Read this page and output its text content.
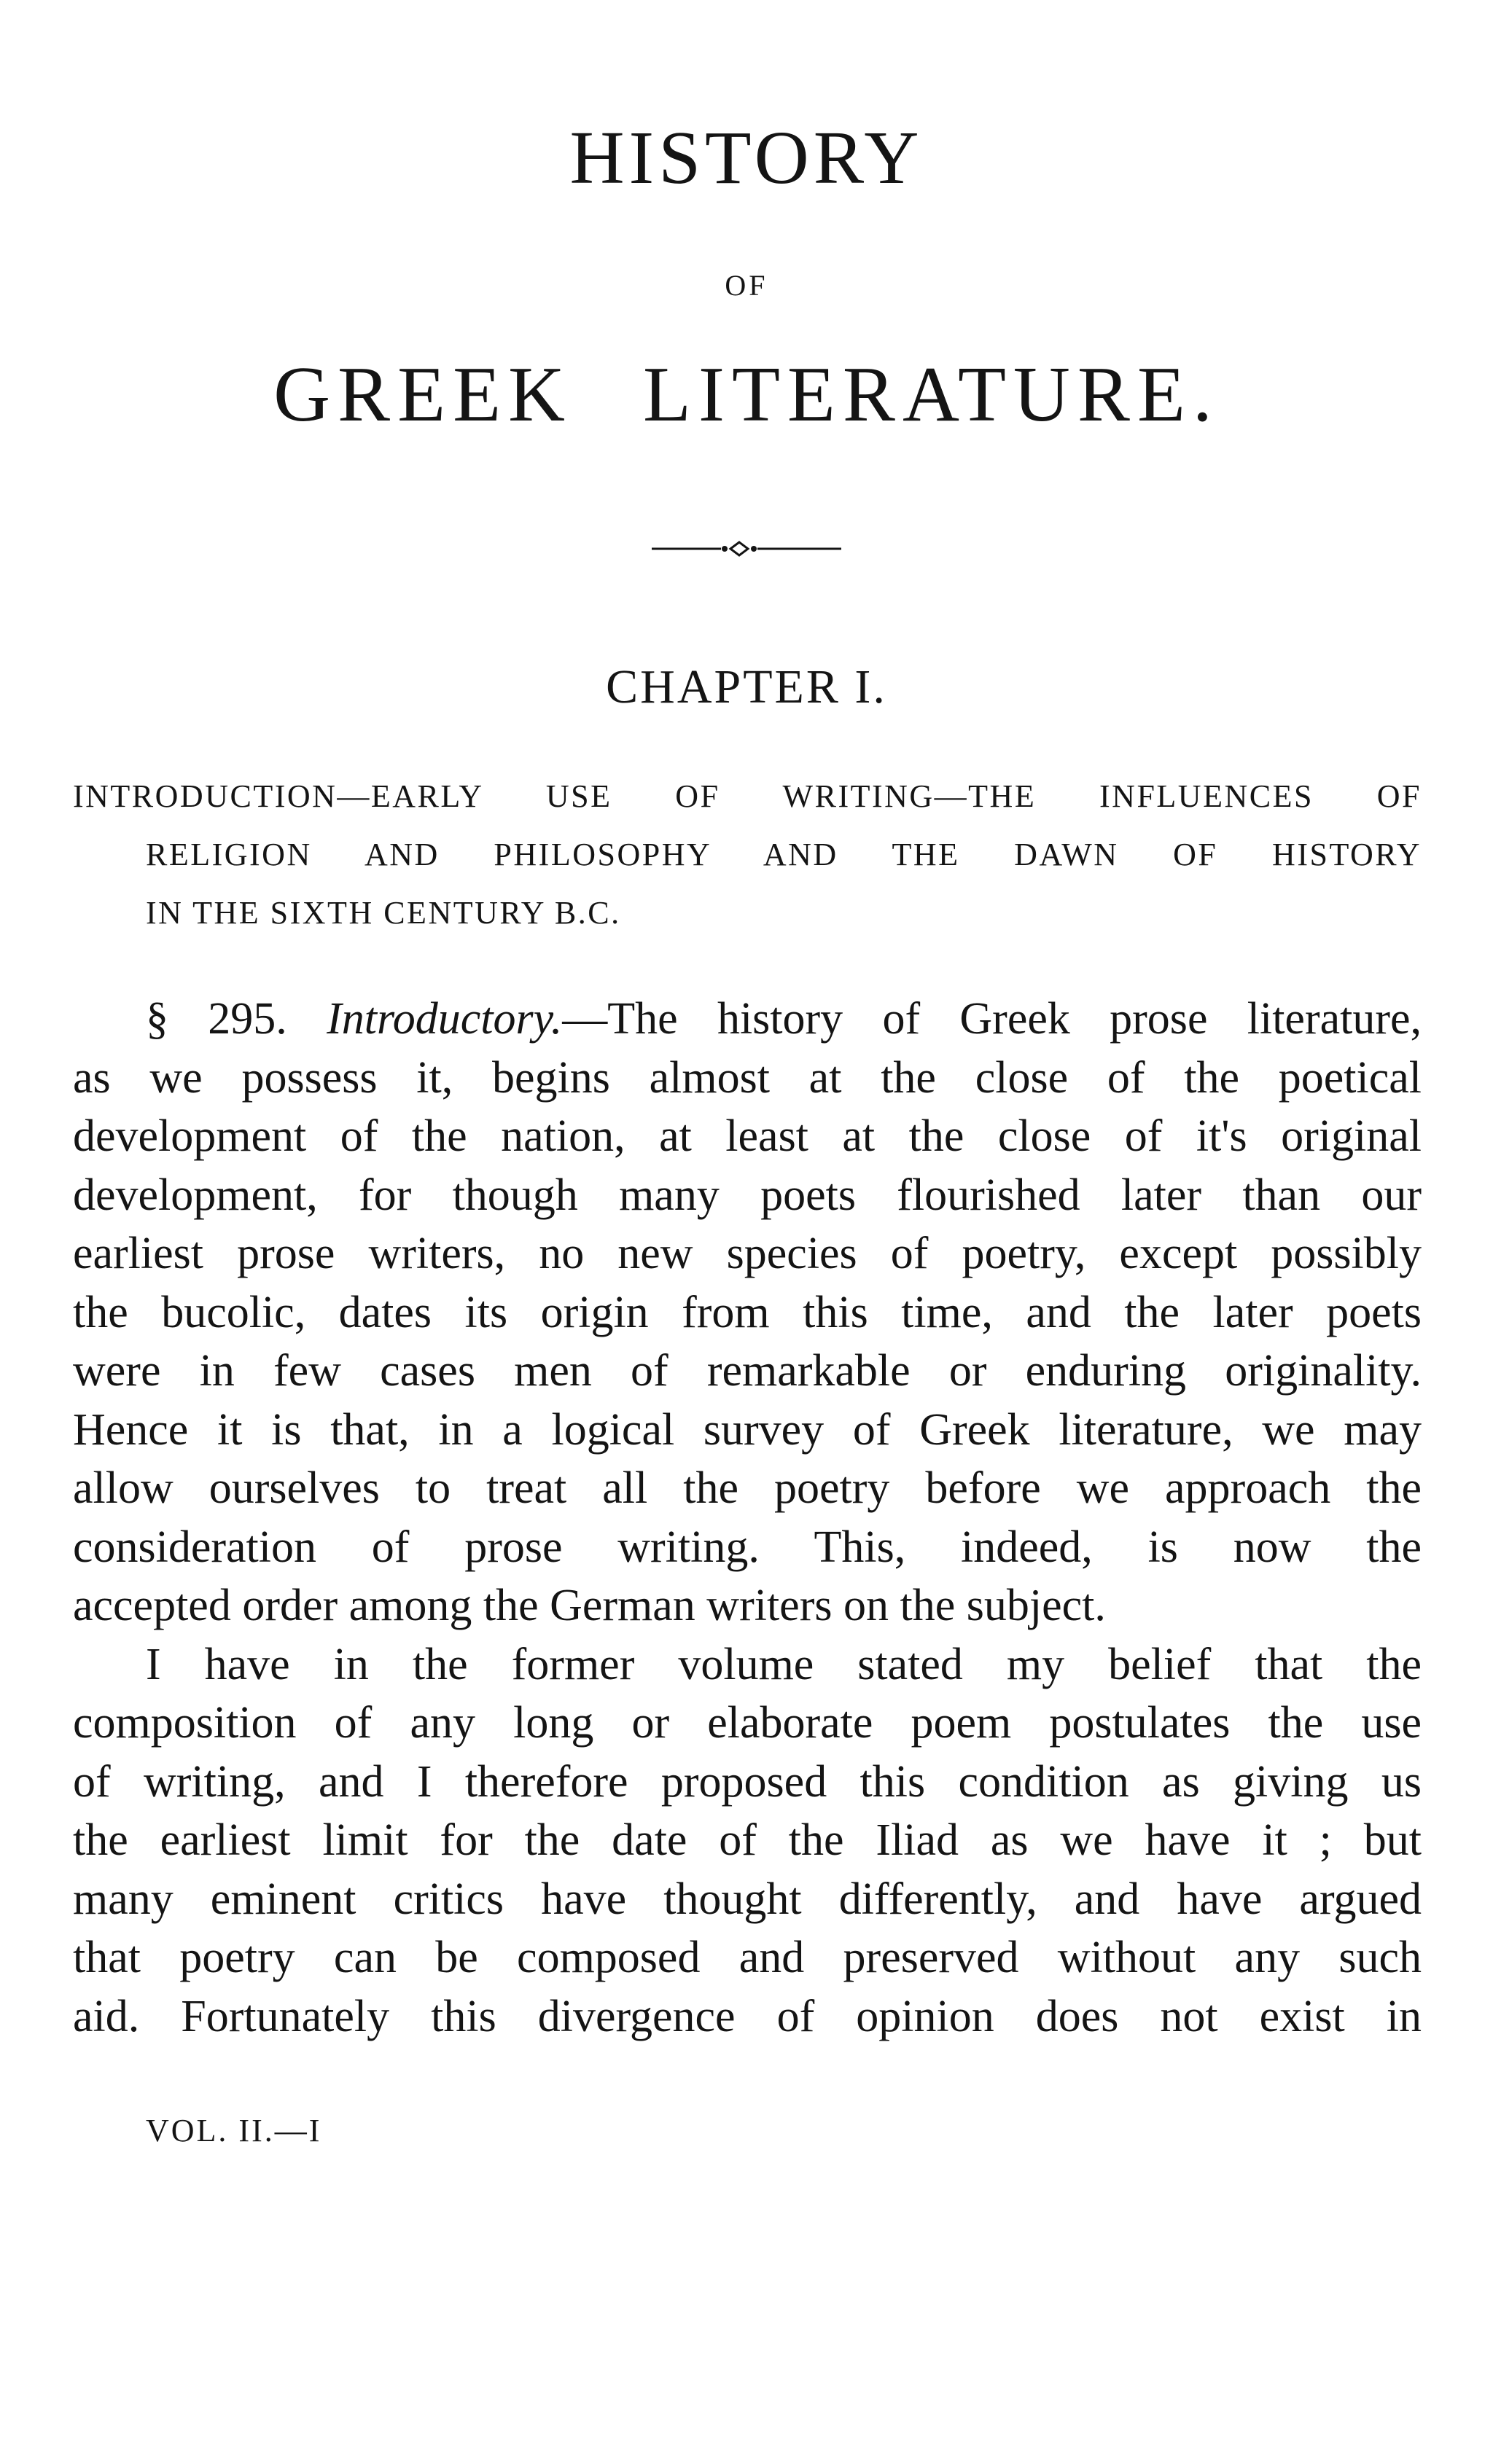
HISTORY
OF
GREEK LITERATURE.
CHAPTER I.
INTRODUCTION—EARLY USE OF WRITING—THE INFLUENCES OF
RELIGION AND PHILOSOPHY AND THE DAWN OF HISTORY
IN THE SIXTH CENTURY B.C.
§ 295. Introductory.—The history of Greek prose literature,
as we possess it, begins almost at the close of the poetical
development of the nation, at least at the close of it's original
development, for though many poets flourished later than our
earliest prose writers, no new species of poetry, except possibly
the bucolic, dates its origin from this time, and the later poets
were in few cases men of remarkable or enduring originality.
Hence it is that, in a logical survey of Greek literature, we may
allow ourselves to treat all the poetry before we approach the
consideration of prose writing. This, indeed, is now the
accepted order among the German writers on the subject.
I have in the former volume stated my belief that the
composition of any long or elaborate poem postulates the use
of writing, and I therefore proposed this condition as giving us
the earliest limit for the date of the Iliad as we have it ; but
many eminent critics have thought differently, and have argued
that poetry can be composed and preserved without any such
aid. Fortunately this divergence of opinion does not exist in
VOL. II.—I
